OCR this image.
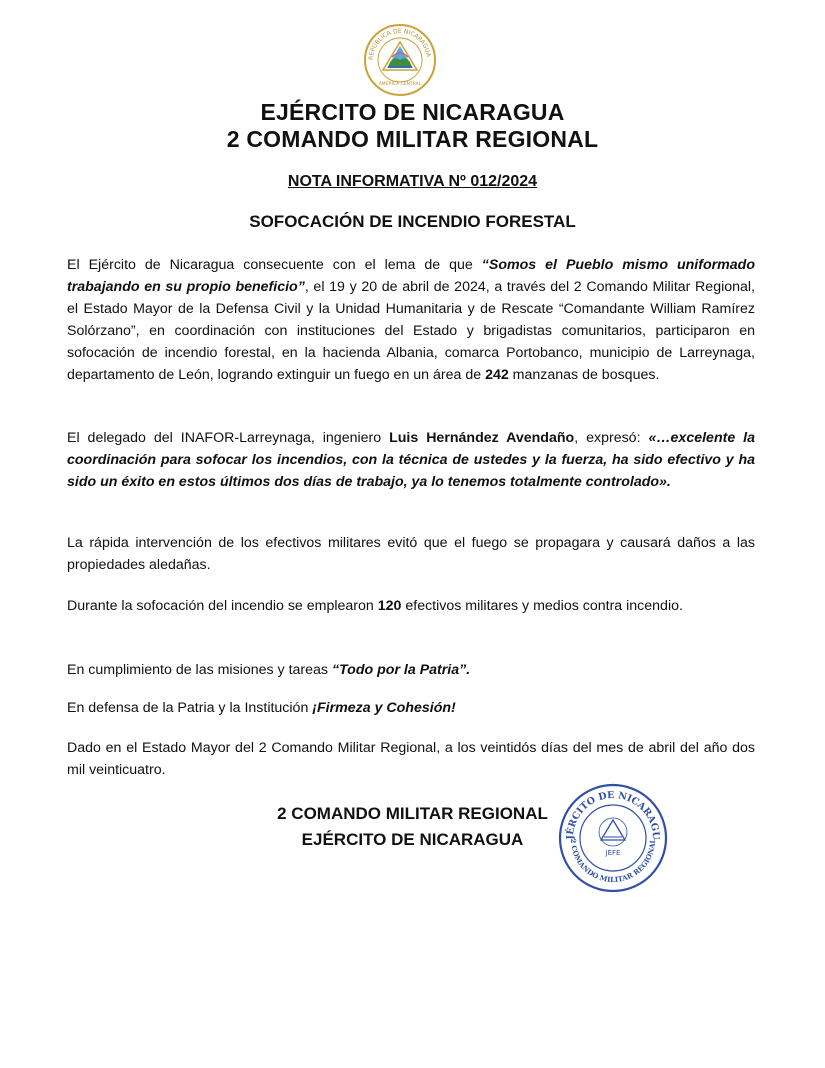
REPÚBLICA DE NICARAGUA
AMÉRICA CENTRAL
EJÉRCITO DE NICARAGUA
2 COMANDO MILITAR REGIONAL
NOTA INFORMATIVA Nº 012/2024
SOFOCACIÓN DE INCENDIO FORESTAL
El Ejército de Nicaragua consecuente con el lema de que “Somos el Pueblo mismo uniformado trabajando en su propio beneficio”, el 19 y 20 de abril de 2024, a través del 2 Comando Militar Regional, el Estado Mayor de la Defensa Civil y la Unidad Humanitaria y de Rescate “Comandante William Ramírez Solórzano”, en coordinación con instituciones del Estado y brigadistas comunitarios, participaron en sofocación de incendio forestal, en la hacienda Albania, comarca Portobanco, municipio de Larreynaga, departamento de León, logrando extinguir un fuego en un área de 242 manzanas de bosques.
El delegado del INAFOR-Larreynaga, ingeniero Luis Hernández Avendaño, expresó: «…excelente la coordinación para sofocar los incendios, con la técnica de ustedes y la fuerza, ha sido efectivo y ha sido un éxito en estos últimos dos días de trabajo, ya lo tenemos totalmente controlado».
La rápida intervención de los efectivos militares evitó que el fuego se propagara y causará daños a las propiedades aledañas.
Durante la sofocación del incendio se emplearon 120 efectivos militares y medios contra incendio.
En cumplimiento de las misiones y tareas “Todo por la Patria”.
En defensa de la Patria y la Institución ¡Firmeza y Cohesión!
Dado en el Estado Mayor del 2 Comando Militar Regional, a los veintidós días del mes de abril del año dos mil veinticuatro.
2 COMANDO MILITAR REGIONAL
EJÉRCITO DE NICARAGUA	JÉRCITO DE NICARAGU
2 COMANDO MILITAR REGIONAL
JEFE
